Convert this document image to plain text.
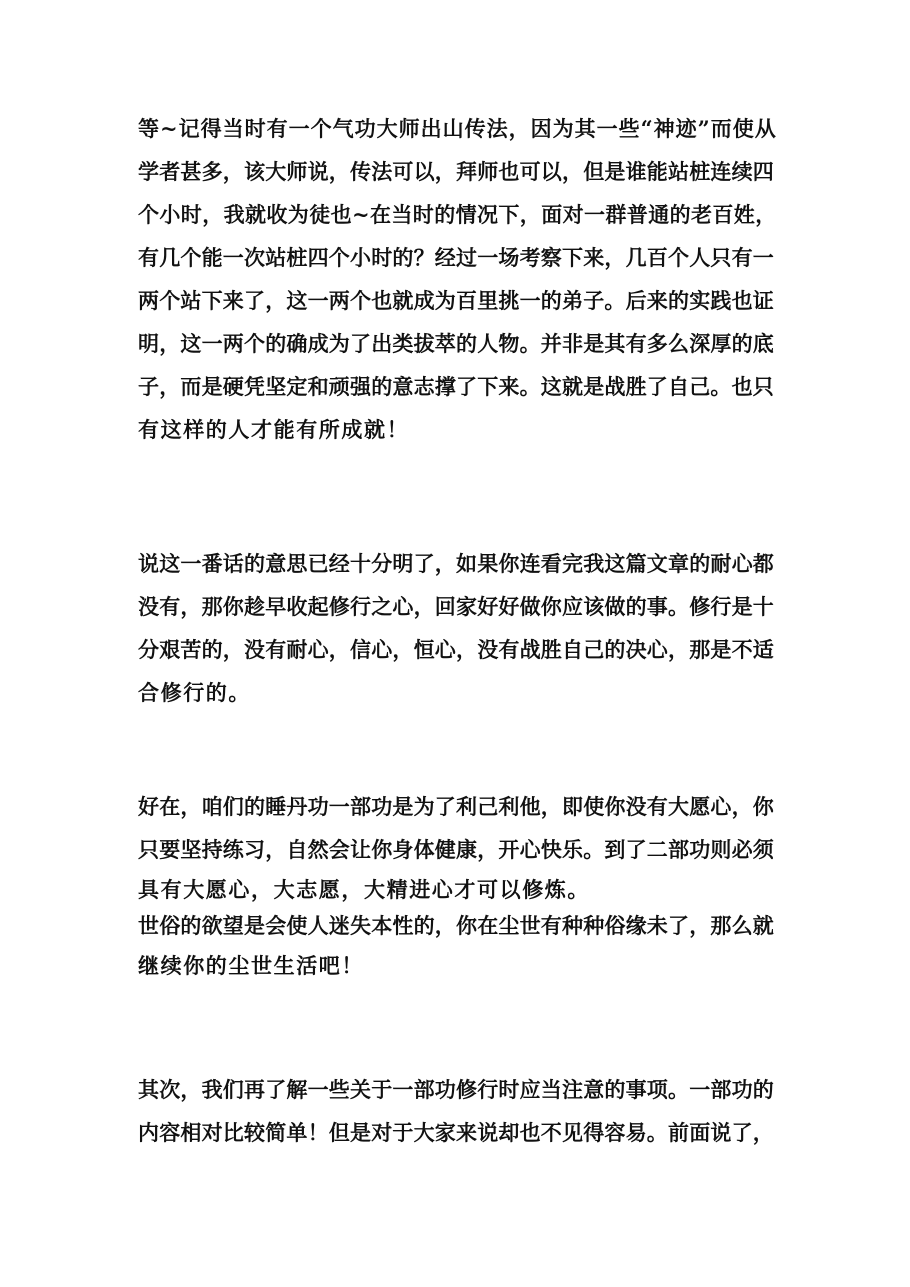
等~记得当时有一个气功大师出山传法，因为其一些“神迹”而使从
学者甚多，该大师说，传法可以，拜师也可以，但是谁能站桩连续四
个小时，我就收为徒也~在当时的情况下，面对一群普通的老百姓，
有几个能一次站桩四个小时的？经过一场考察下来，几百个人只有一
两个站下来了，这一两个也就成为百里挑一的弟子。后来的实践也证
明，这一两个的确成为了出类拔萃的人物。并非是其有多么深厚的底
子，而是硬凭坚定和顽强的意志撑了下来。这就是战胜了自己。也只
有这样的人才能有所成就！
说这一番话的意思已经十分明了，如果你连看完我这篇文章的耐心都
没有，那你趁早收起修行之心，回家好好做你应该做的事。修行是十
分艰苦的，没有耐心，信心，恒心，没有战胜自己的决心，那是不适
合修行的。
好在，咱们的睡丹功一部功是为了利己利他，即使你没有大愿心，你
只要坚持练习，自然会让你身体健康，开心快乐。到了二部功则必须
具有大愿心，大志愿，大精进心才可以修炼。
世俗的欲望是会使人迷失本性的，你在尘世有种种俗缘未了，那么就
继续你的尘世生活吧！
其次，我们再了解一些关于一部功修行时应当注意的事项。一部功的
内容相对比较简单！但是对于大家来说却也不见得容易。前面说了，
